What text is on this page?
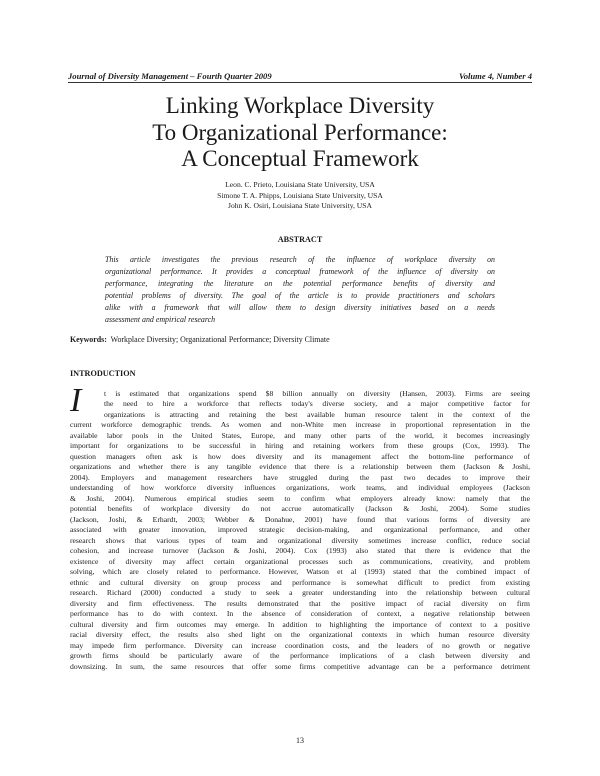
Journal of Diversity Management – Fourth Quarter 2009	Volume 4, Number 4
Linking Workplace Diversity
To Organizational Performance:
A Conceptual Framework
Leon. C. Prieto, Louisiana State University, USA
Simone T. A. Phipps, Louisiana State University, USA
John K. Osiri, Louisiana State University, USA
ABSTRACT
This article investigates the previous research of the influence of workplace diversity on
organizational performance. It provides a conceptual framework of the influence of diversity on
performance, integrating the literature on the potential performance benefits of diversity and
potential problems of diversity. The goal of the article is to provide practitioners and scholars
alike with a framework that will allow them to design diversity initiatives based on a needs
assessment and empirical research
Keywords: Workplace Diversity; Organizational Performance; Diversity Climate
INTRODUCTION
I	t is estimated that organizations spend $8 billion annually on diversity (Hansen, 2003). Firms are seeing
the need to hire a workforce that reflects today's diverse society, and a major competitive factor for
organizations is attracting and retaining the best available human resource talent in the context of the
current workforce demographic trends. As women and non-White men increase in proportional representation in the
available labor pools in the United States, Europe, and many other parts of the world, it becomes increasingly
important for organizations to be successful in hiring and retaining workers from these groups (Cox, 1993). The
question managers often ask is how does diversity and its management affect the bottom-line performance of
organizations and whether there is any tangible evidence that there is a relationship between them (Jackson & Joshi,
2004). Employers and management researchers have struggled during the past two decades to improve their
understanding of how workforce diversity influences organizations, work teams, and individual employees (Jackson
& Joshi, 2004). Numerous empirical studies seem to confirm what employers already know: namely that the
potential benefits of workplace diversity do not accrue automatically (Jackson & Joshi, 2004). Some studies
(Jackson, Joshi, & Erhardt, 2003; Webber & Donahue, 2001) have found that various forms of diversity are
associated with greater innovation, improved strategic decision-making, and organizational performance, and other
research shows that various types of team and organizational diversity sometimes increase conflict, reduce social
cohesion, and increase turnover (Jackson & Joshi, 2004). Cox (1993) also stated that there is evidence that the
existence of diversity may affect certain organizational processes such as communications, creativity, and problem
solving, which are closely related to performance. However, Watson et al (1993) stated that the combined impact of
ethnic and cultural diversity on group process and performance is somewhat difficult to predict from existing
research. Richard (2000) conducted a study to seek a greater understanding into the relationship between cultural
diversity and firm effectiveness. The results demonstrated that the positive impact of racial diversity on firm
performance has to do with context. In the absence of consideration of context, a negative relationship between
cultural diversity and firm outcomes may emerge. In addition to highlighting the importance of context to a positive
racial diversity effect, the results also shed light on the organizational contexts in which human resource diversity
may impede firm performance. Diversity can increase coordination costs, and the leaders of no growth or negative
growth firms should be particularly aware of the performance implications of a clash between diversity and
downsizing. In sum, the same resources that offer some firms competitive advantage can be a performance detriment
13
